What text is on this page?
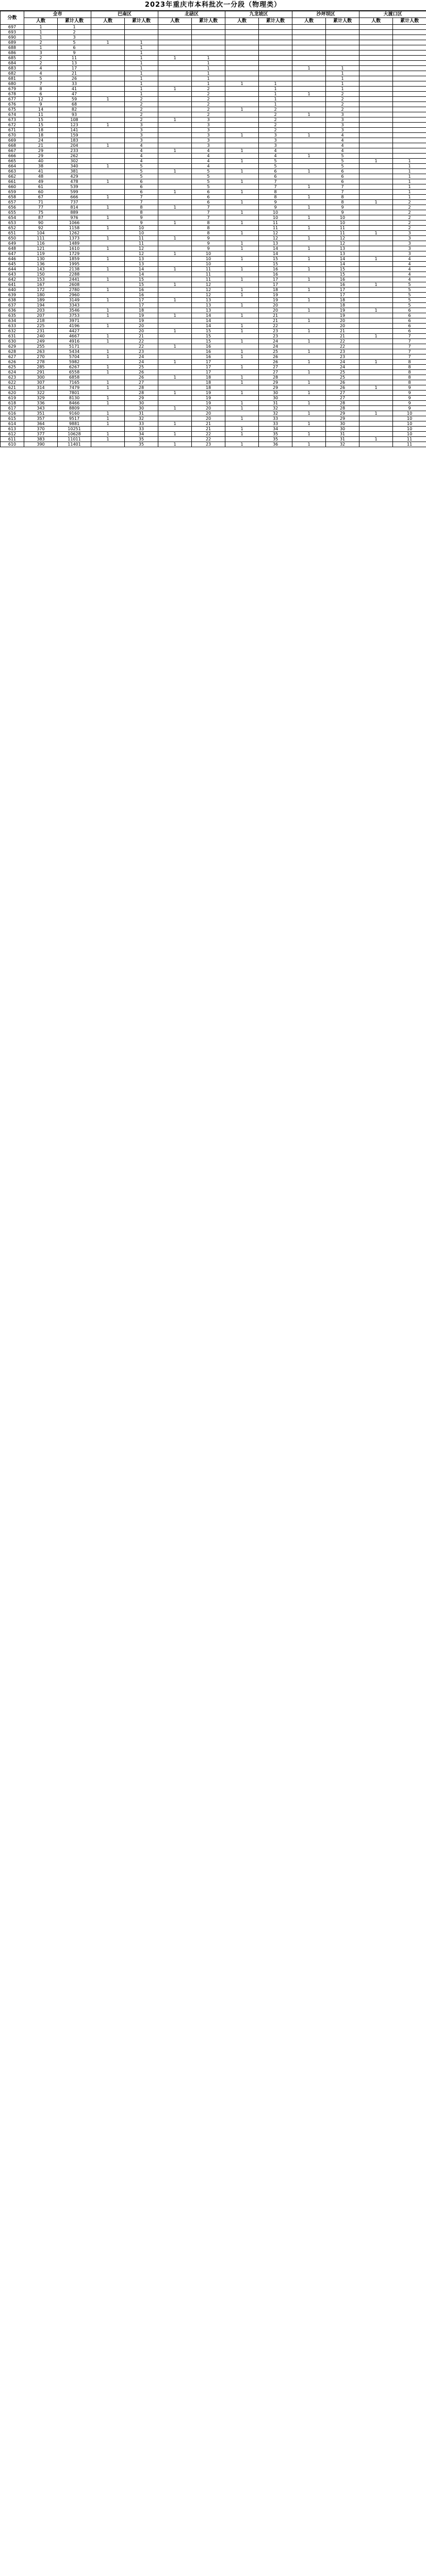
2023年重庆市本科批次一分段（物理类）
分数	全市		巴南区		北碚区		九龙坡区		沙坪坝区		大渡口区	
	人数	累计人数	人数	累计人数	人数	累计人数	人数	累计人数	人数	累计人数	人数	累计人数
697	1	1										
693	1	2										
690	1	3										
689	2	5	1	1								
688	1	6		1								
686	3	9		1								
685	2	11		1	1	1						
684	2	13		1		1						
683	4	17		1		1			1	1		
682	4	21		1		1				1		
681	5	26		1		1				1		
680	7	33		1		1	1	1		1		
679	8	41		1	1	2		1		1		
678	6	47		1		2		1	1	2		
677	12	59	1	2		2		1		2		
676	9	68		2		2		1		2		
675	14	82		2		2	1	2		2		
674	11	93		2		2		2	1	3		
673	15	108		2	1	3		2		3		
672	15	123	1	3		3		2		3		
671	18	141		3		3		2		3		
670	18	159		3		3	1	3	1	4		
669	24	183		3		3		3		4		
668	21	204	1	4		3		3		4		
667	29	233		4	1	4	1	4		4		
666	29	262		4		4		4	1	5		
665	40	302		4		4	1	5		5	1	1
664	38	340	1	5		4		5		5		1
663	41	381		5	1	5	1	6	1	6		1
662	48	429		5		5		6		6		1
661	49	478	1	6		5	1	7		6		1
660	61	539		6		5		7	1	7		1
659	60	599		6	1	6	1	8		7		1
658	67	666	1	7		6		8	1	8		1
657	71	737		7		6	1	9		8	1	2
656	77	814	1	8	1	7		9	1	9		2
655	75	889		8		7	1	10		9		2
654	87	976	1	9		7		10	1	10		2
653	90	1066		9	1	8	1	11		10		2
652	92	1158	1	10		8		11	1	11		2
651	104	1262		10		8	1	12		11	1	3
650	111	1373	1	11	1	9		12	1	12		3
649	116	1489		11		9	1	13		12		3
648	121	1610	1	12		9	1	14	1	13		3
647	119	1729		12	1	10		14		13		3
646	130	1859	1	13		10	1	15	1	14	1	4
645	136	1995		13		10		15		14		4
644	143	2138	1	14	1	11	1	16	1	15		4
643	150	2288		14		11		16		15		4
642	153	2441	1	15		11	1	17	1	16		4
641	167	2608		15	1	12		17		16	1	5
640	172	2780	1	16		12	1	18	1	17		5
639	180	2960		16		12	1	19		17		5
638	189	3149	1	17	1	13		19	1	18		5
637	194	3343		17		13	1	20		18		5
636	203	3546	1	18		13		20	1	19	1	6
635	207	3753	1	19	1	14	1	21		19		6
634	218	3971		19		14		21	1	20		6
633	225	4196	1	20		14	1	22		20		6
632	231	4427		20	1	15	1	23	1	21		6
631	240	4667	1	21		15		23		21	1	7
630	249	4916	1	22		15	1	24	1	22		7
629	255	5171		22	1	16		24		22		7
628	263	5434	1	23		16	1	25	1	23		7
627	270	5704	1	24		16	1	26		23		7
626	278	5982		24	1	17		26	1	24	1	8
625	285	6267	1	25		17	1	27		24		8
624	291	6558	1	26		17		27	1	25		8
623	300	6858		26	1	18	1	28		25		8
622	307	7165	1	27		18	1	29	1	26		8
621	314	7479	1	28		18		29		26	1	9
620	322	7801		28	1	19	1	30	1	27		9
619	329	8130	1	29		19		30		27		9
618	336	8466	1	30		19	1	31	1	28		9
617	343	8809		30	1	20	1	32		28		9
616	351	9160	1	31		20		32	1	29	1	10
615	357	9517	1	32		20	1	33		29		10
614	364	9881	1	33	1	21		33	1	30		10
613	370	10251		33		21	1	34		30		10
612	377	10628	1	34	1	22	1	35	1	31		10
611	383	11011	1	35		22		35		31	1	11
610	390	11401		35	1	23	1	36	1	32		11
